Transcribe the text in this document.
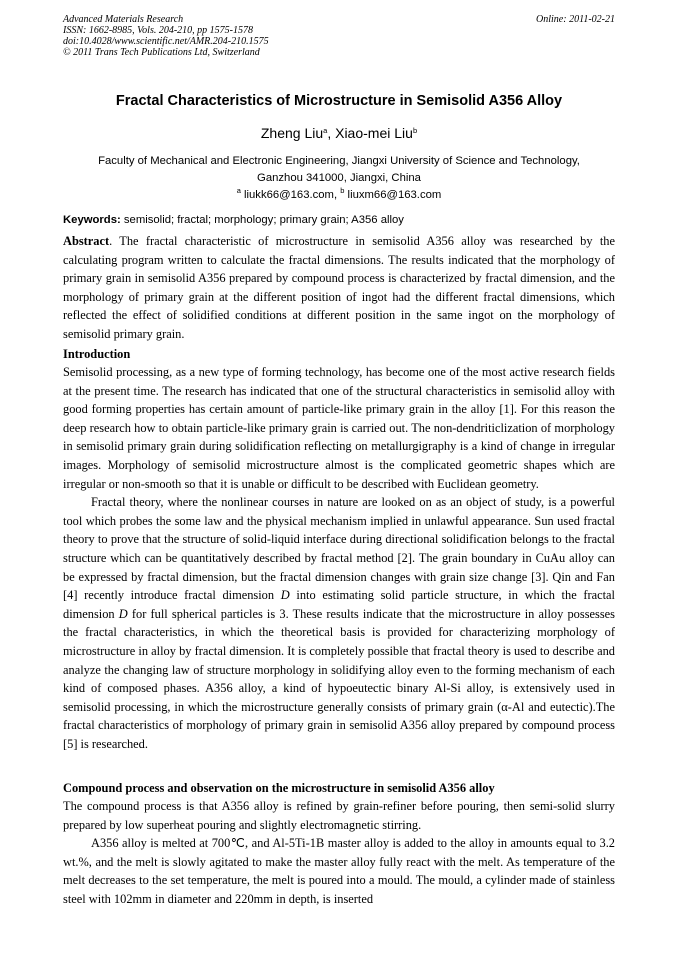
Advanced Materials Research
ISSN: 1662-8985, Vols. 204-210, pp 1575-1578
doi:10.4028/www.scientific.net/AMR.204-210.1575
© 2011 Trans Tech Publications Ltd, Switzerland
Online: 2011-02-21
Fractal Characteristics of Microstructure in Semisolid A356 Alloy
Zheng Liu$^a$, Xiao-mei Liu$^b$
Faculty of Mechanical and Electronic Engineering, Jiangxi University of Science and Technology,
Ganzhou 341000, Jiangxi, China
$^a$ liukk66@163.com, $^b$ liuxm66@163.com
Keywords: semisolid; fractal; morphology; primary grain; A356 alloy

Abstract. The fractal characteristic of microstructure in semisolid A356 alloy was researched by the calculating program written to calculate the fractal dimensions. The results indicated that the morphology of primary grain in semisolid A356 prepared by compound process is characterized by fractal dimension, and the morphology of primary grain at the different position of ingot had the different fractal dimensions, which reflected the effect of solidified conditions at different position in the same ingot on the morphology of semisolid primary grain.

Introduction

Semisolid processing, as a new type of forming technology, has become one of the most active research fields at the present time. The research has indicated that one of the structural characteristics in semisolid alloy with good forming properties has certain amount of particle-like primary grain in the alloy [1]. For this reason the deep research how to obtain particle-like primary grain is carried out. The non-dendriticlization of morphology in semisolid primary grain during solidification reflecting on metallurgigraphy is a kind of change in irregular images. Morphology of semisolid microstructure almost is the complicated geometric shapes which are irregular or non-smooth so that it is unable or difficult to be described with Euclidean geometry.

Fractal theory, where the nonlinear courses in nature are looked on as an object of study, is a powerful tool which probes the some law and the physical mechanism implied in unlawful appearance. Sun used fractal theory to prove that the structure of solid-liquid interface during directional solidification belongs to the fractal structure which can be quantitatively described by fractal method [2]. The grain boundary in CuAu alloy can be expressed by fractal dimension, but the fractal dimension changes with grain size change [3]. Qin and Fan [4] recently introduce fractal dimension D into estimating solid particle structure, in which the fractal dimension D for full spherical particles is 3. These results indicate that the microstructure in alloy possesses the fractal characteristics, in which the theoretical basis is provided for characterizing morphology of microstructure in alloy by fractal dimension. It is completely possible that fractal theory is used to describe and analyze the changing law of structure morphology in solidifying alloy even to the forming mechanism of each kind of composed phases. A356 alloy, a kind of hypoeutectic binary Al-Si alloy, is extensively used in semisolid processing, in which the microstructure generally consists of primary grain (α-Al and eutectic).The fractal characteristics of morphology of primary grain in semisolid A356 alloy prepared by compound process [5] is researched.

Compound process and observation on the microstructure in semisolid A356 alloy

The compound process is that A356 alloy is refined by grain-refiner before pouring, then semi-solid slurry prepared by low superheat pouring and slightly electromagnetic stirring.

A356 alloy is melted at 700℃, and Al-5Ti-1B master alloy is added to the alloy in amounts equal to 3.2 wt.%, and the melt is slowly agitated to make the master alloy fully react with the melt. As temperature of the melt decreases to the set temperature, the melt is poured into a mould. The mould, a cylinder made of stainless steel with 102mm in diameter and 220mm in depth, is inserted
